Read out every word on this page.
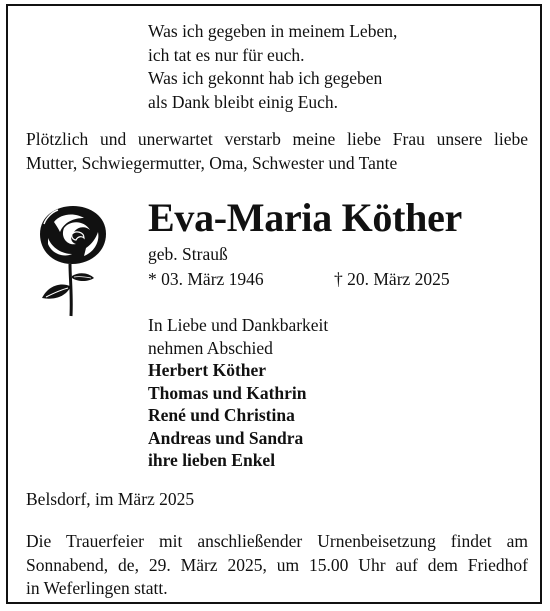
Was ich gegeben in meinem Leben,
ich tat es nur für euch.
Was ich gekonnt hab ich gegeben
als Dank bleibt einig Euch.
Plötzlich und unerwartet verstarb meine liebe Frau unsere liebe
Mutter, Schwiegermutter, Oma, Schwester und Tante
Eva-Maria Köther
geb. Strauß
* 03. März 1946	† 20. März 2025
In Liebe und Dankbarkeit
nehmen Abschied
Herbert Köther
Thomas und Kathrin
René und Christina
Andreas und Sandra
ihre lieben Enkel
Belsdorf, im März 2025
Die Trauerfeier mit anschließender Urnenbeisetzung findet am
Sonnabend, de, 29. März 2025, um 15.00 Uhr auf dem Friedhof
in Weferlingen statt.
